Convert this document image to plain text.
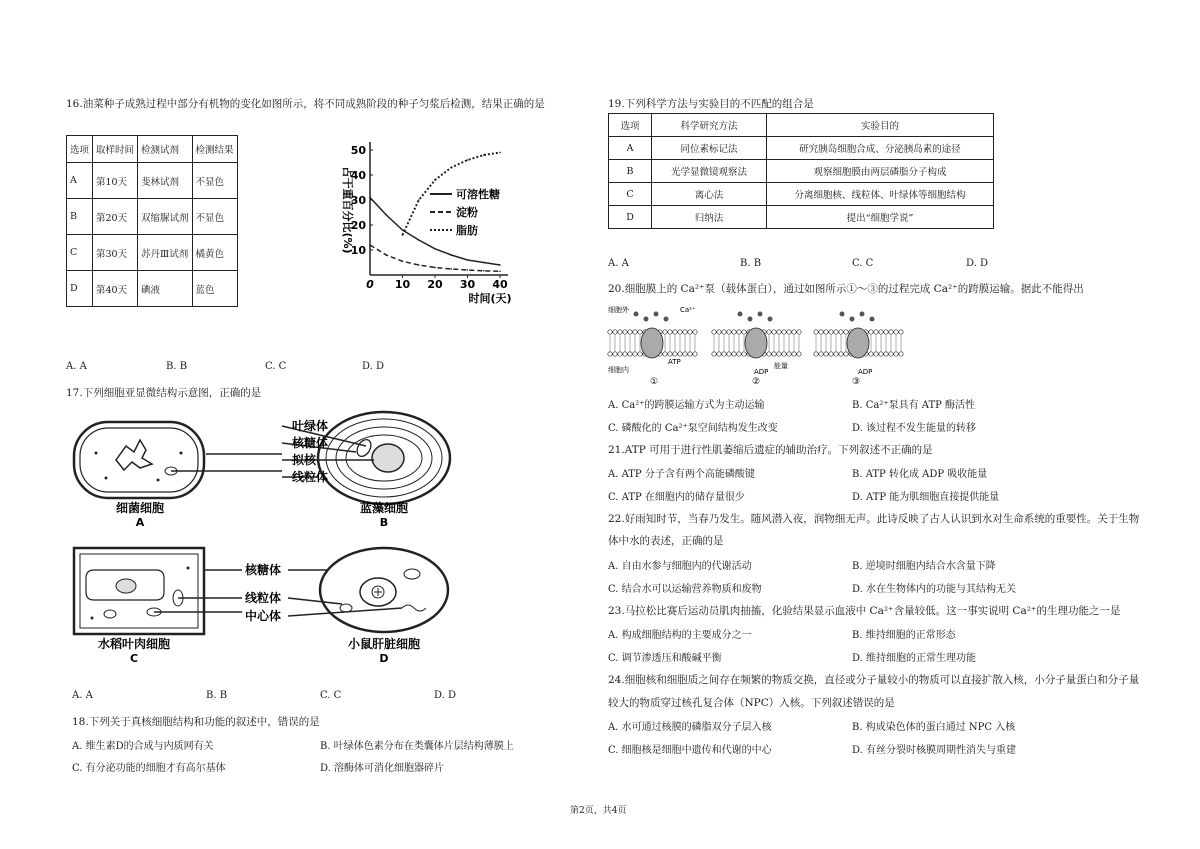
16.油菜种子成熟过程中部分有机物的变化如图所示，将不同成熟阶段的种子匀浆后检测，结果正确的是
选项	取样时间	检测试剂	检测结果
A	第10天	斐林试剂	不显色
B	第20天	双缩脲试剂	不显色
C	第30天	苏丹Ⅲ试剂	橘黄色
D	第40天	碘液	蓝色	0 10 20 30 40
10
20
30
40
50
可溶性糖
淀粉
脂肪
占干重百分比(%)
时间(天)
A. A	B. B	C. C	D. D
17.下列细胞亚显微结构示意图，正确的是
叶绿体
核糖体
拟核
线粒体
细菌细胞
A
蓝藻细胞
B
核糖体
线粒体
中心体
水稻叶肉细胞
C
小鼠肝脏细胞
D
A. A	B. B	C. C	D. D
18.下列关于真核细胞结构和功能的叙述中，错误的是
A. 维生素D的合成与内质网有关	B. 叶绿体色素分布在类囊体片层结构薄膜上
C. 有分泌功能的细胞才有高尔基体	D. 溶酶体可消化细胞器碎片
19.下列科学方法与实验目的不匹配的组合是
选项	科学研究方法	实验目的
A	同位素标记法	研究胰岛细胞合成、分泌胰岛素的途径
B	光学显微镜观察法	观察细胞膜由两层磷脂分子构成
C	离心法	分离细胞核、线粒体、叶绿体等细胞结构
D	归纳法	提出“细胞学说”
A. A	B. B	C. C	D. D
20.细胞膜上的 Ca²⁺泵（载体蛋白），通过如图所示①～③的过程完成 Ca²⁺的跨膜运输。据此不能得出
细胞外
细胞内
Ca²⁺
ATP
ADP
能量
ADP
①	②	③
A. Ca²⁺的跨膜运输方式为主动运输	B. Ca²⁺泵具有 ATP 酶活性
C. 磷酸化的 Ca²⁺泵空间结构发生改变	D. 该过程不发生能量的转移
21.ATP 可用于进行性肌萎缩后遗症的辅助治疗。下列叙述不正确的是
A. ATP 分子含有两个高能磷酸键	B. ATP 转化成 ADP 吸收能量
C. ATP 在细胞内的储存量很少	D. ATP 能为肌细胞直接提供能量
22.好雨知时节，当春乃发生。随风潜入夜，润物细无声。此诗反映了古人认识到水对生命系统的重要性。关于生物
体中水的表述，正确的是
A. 自由水参与细胞内的代谢活动	B. 逆境时细胞内结合水含量下降
C. 结合水可以运输营养物质和废物	D. 水在生物体内的功能与其结构无关
23.马拉松比赛后运动员肌肉抽搐，化验结果显示血液中 Ca²⁺含量较低。这一事实说明 Ca²⁺的生理功能之一是
A. 构成细胞结构的主要成分之一	B. 维持细胞的正常形态
C. 调节渗透压和酸碱平衡	D. 维持细胞的正常生理功能
24.细胞核和细胞质之间存在频繁的物质交换，直径或分子量较小的物质可以直接扩散入核，小分子量蛋白和分子量
较大的物质穿过核孔复合体（NPC）入核。下列叙述错误的是
A. 水可通过核膜的磷脂双分子层入核	B. 构成染色体的蛋白通过 NPC 入核
C. 细胞核是细胞中遗传和代谢的中心	D. 有丝分裂时核膜周期性消失与重建
第2页，共4页
